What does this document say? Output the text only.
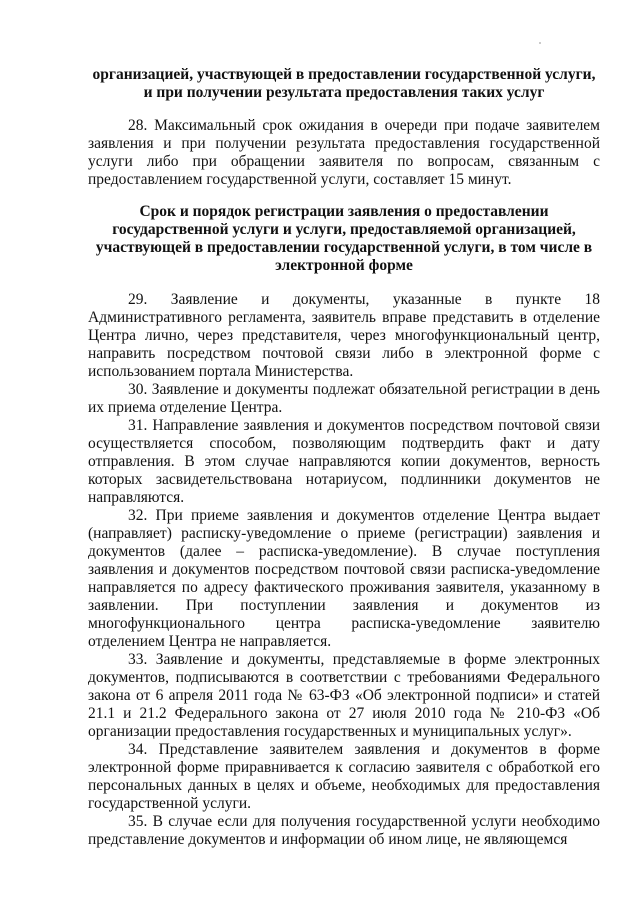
организацией, участвующей в предоставлении государственной услуги, и при получении результата предоставления таких услуг

28. Максимальный срок ожидания в очереди при подаче заявителем заявления и при получении результата предоставления государственной услуги либо при обращении заявителя по вопросам, связанным с предоставлением государственной услуги, составляет 15 минут.

Срок и порядок регистрации заявления о предоставлении государственной услуги и услуги, предоставляемой организацией, участвующей в предоставлении государственной услуги, в том числе в электронной форме

29. Заявление и документы, указанные в пункте 18 Административного регламента, заявитель вправе представить в отделение Центра лично, через представителя, через многофункциональный центр, направить посредством почтовой связи либо в электронной форме с использованием портала Министерства.

30. Заявление и документы подлежат обязательной регистрации в день их приема отделение Центра.

31. Направление заявления и документов посредством почтовой связи осуществляется способом, позволяющим подтвердить факт и дату отправления. В этом случае направляются копии документов, верность которых засвидетельствована нотариусом, подлинники документов не направляются.

32. При приеме заявления и документов отделение Центра выдает (направляет) расписку-уведомление о приеме (регистрации) заявления и документов (далее – расписка-уведомление). В случае поступления заявления и документов посредством почтовой связи расписка-уведомление направляется по адресу фактического проживания заявителя, указанному в заявлении. При поступлении заявления и документов из многофункционального центра расписка-уведомление заявителю отделением Центра не направляется.

33. Заявление и документы, представляемые в форме электронных документов, подписываются в соответствии с требованиями Федерального закона от 6 апреля 2011 года № 63-ФЗ «Об электронной подписи» и статей 21.1 и 21.2 Федерального закона от 27 июля 2010 года № 210-ФЗ «Об организации предоставления государственных и муниципальных услуг».

34. Представление заявителем заявления и документов в форме электронной форме приравнивается к согласию заявителя с обработкой его персональных данных в целях и объеме, необходимых для предоставления государственной услуги.

35. В случае если для получения государственной услуги необходимо представление документов и информации об ином лице, не являющемся
